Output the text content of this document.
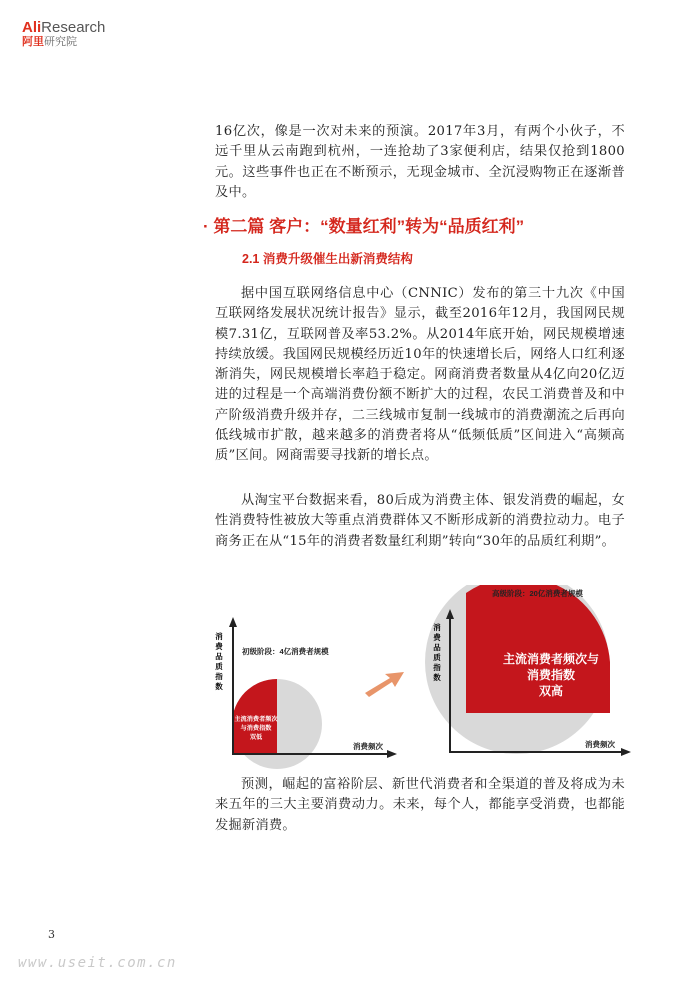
AliResearch
阿里研究院
16亿次，像是一次对未来的预演。2017年3月，有两个小伙子，不远千里从云南跑到杭州，一连抢劫了3家便利店，结果仅抢到1800元。这些事件也正在不断预示，无现金城市、全沉浸购物正在逐渐普及中。
· 第二篇 客户：“数量红利”转为“品质红利”
2.1 消费升级催生出新消费结构
据中国互联网络信息中心（CNNIC）发布的第三十九次《中国互联网络发展状况统计报告》显示，截至2016年12月，我国网民规模7.31亿，互联网普及率53.2%。从2014年底开始，网民规模增速持续放缓。我国网民规模经历近10年的快速增长后，网络人口红利逐渐消失，网民规模增长率趋于稳定。网商消费者数量从4亿向20亿迈进的过程是一个高端消费份额不断扩大的过程，农民工消费普及和中产阶级消费升级并存，二三线城市复制一线城市的消费潮流之后再向低线城市扩散，越来越多的消费者将从“低频低质”区间进入“高频高质”区间。网商需要寻找新的增长点。
从淘宝平台数据来看，80后成为消费主体、银发消费的崛起，女性消费特性被放大等重点消费群体又不断形成新的消费拉动力。电子商务正在从“15年的消费者数量红利期”转向“30年的品质红利期”。
消
费
品
质
指
数
初级阶段：4亿消费者规模
消费频次
主流消费者频次
与消费指数
双低
消
费
品
质
指
数
高级阶段：20亿消费者规模
消费频次
主流消费者频次与
消费指数
双高
预测，崛起的富裕阶层、新世代消费者和全渠道的普及将成为未来五年的三大主要消费动力。未来，每个人，都能享受消费，也都能发掘新消费。
3
www.useit.com.cn
